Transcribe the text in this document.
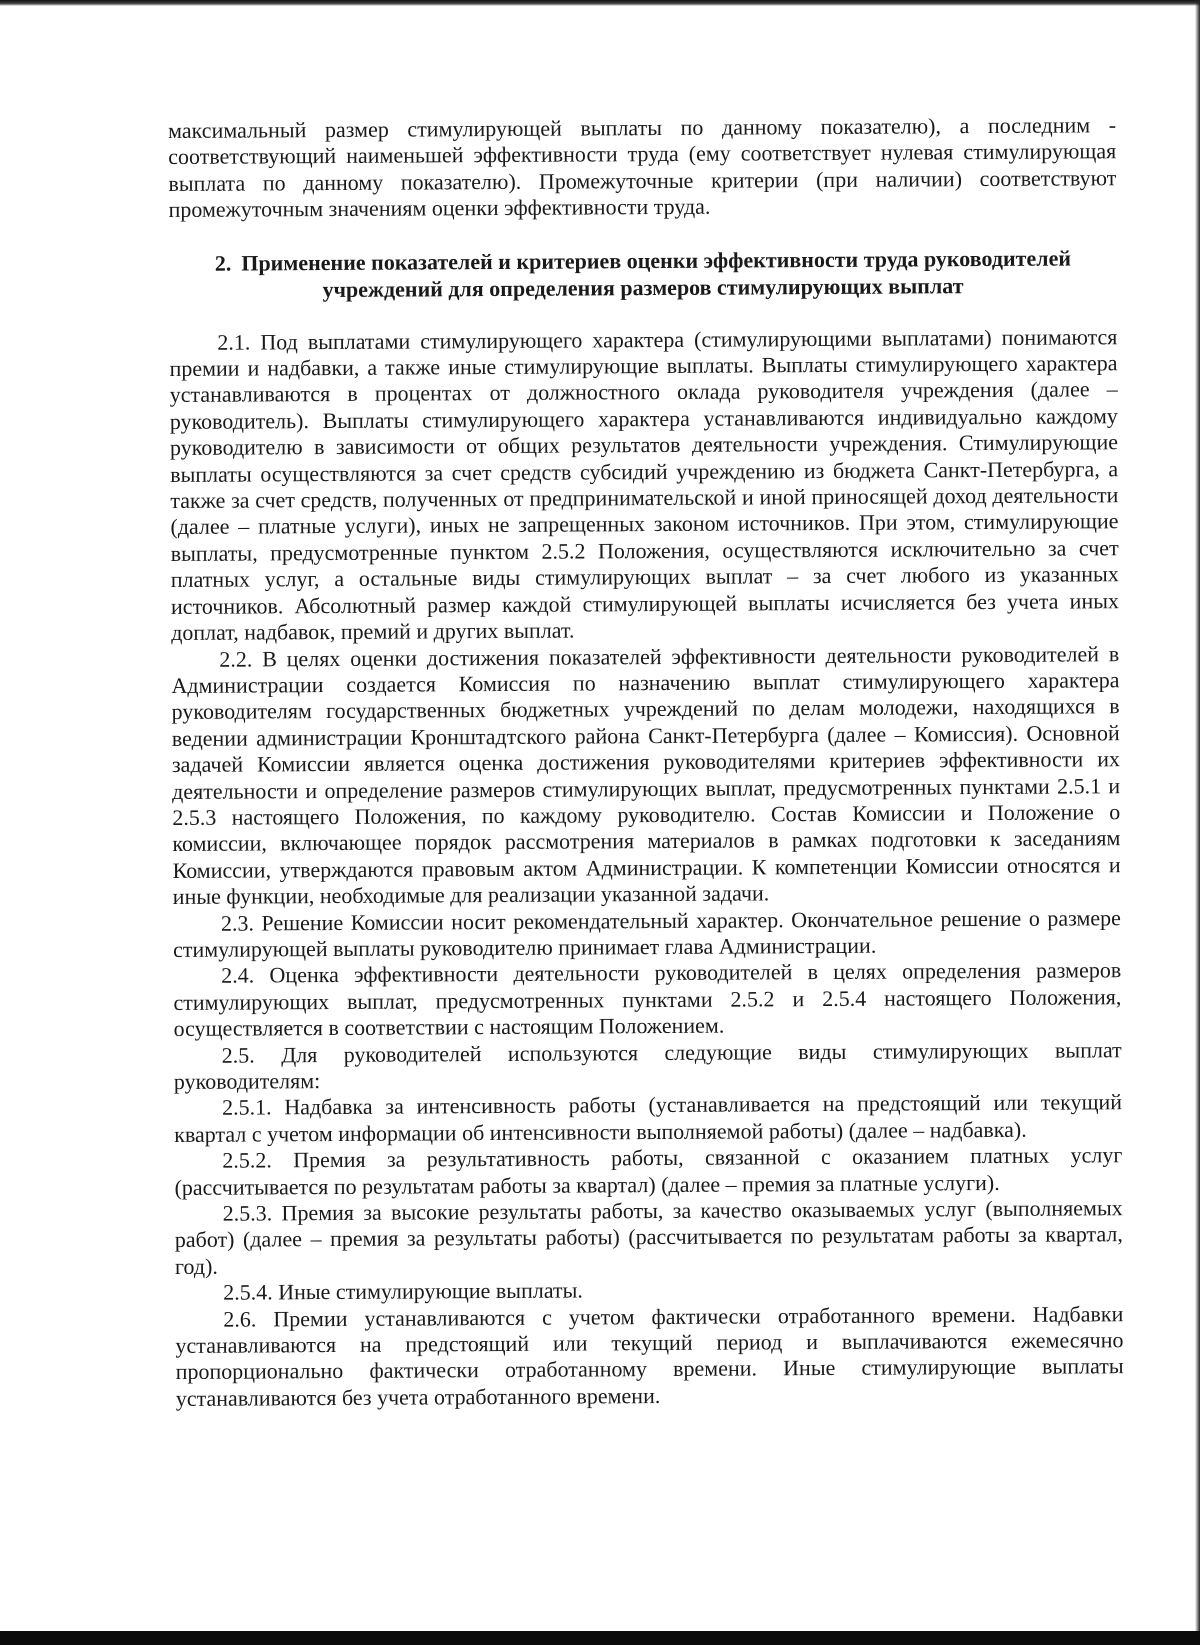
максимальный размер стимулирующей выплаты по данному показателю), а последним - соответствующий наименьшей эффективности труда (ему соответствует нулевая стимулирующая выплата по данному показателю). Промежуточные критерии (при наличии) соответствуют промежуточным значениям оценки эффективности труда.

2. Применение показателей и критериев оценки эффективности труда руководителей учреждений для определения размеров стимулирующих выплат

2.1. Под выплатами стимулирующего характера (стимулирующими выплатами) понимаются премии и надбавки, а также иные стимулирующие выплаты. Выплаты стимулирующего характера устанавливаются в процентах от должностного оклада руководителя учреждения (далее – руководитель). Выплаты стимулирующего характера устанавливаются индивидуально каждому руководителю в зависимости от общих результатов деятельности учреждения. Стимулирующие выплаты осуществляются за счет средств субсидий учреждению из бюджета Санкт-Петербурга, а также за счет средств, полученных от предпринимательской и иной приносящей доход деятельности (далее – платные услуги), иных не запрещенных законом источников. При этом, стимулирующие выплаты, предусмотренные пунктом 2.5.2 Положения, осуществляются исключительно за счет платных услуг, а остальные виды стимулирующих выплат – за счет любого из указанных источников. Абсолютный размер каждой стимулирующей выплаты исчисляется без учета иных доплат, надбавок, премий и других выплат.

2.2. В целях оценки достижения показателей эффективности деятельности руководителей в Администрации создается Комиссия по назначению выплат стимулирующего характера руководителям государственных бюджетных учреждений по делам молодежи, находящихся в ведении администрации Кронштадтского района Санкт-Петербурга (далее – Комиссия). Основной задачей Комиссии является оценка достижения руководителями критериев эффективности их деятельности и определение размеров стимулирующих выплат, предусмотренных пунктами 2.5.1 и 2.5.3 настоящего Положения, по каждому руководителю. Состав Комиссии и Положение о комиссии, включающее порядок рассмотрения материалов в рамках подготовки к заседаниям Комиссии, утверждаются правовым актом Администрации. К компетенции Комиссии относятся и иные функции, необходимые для реализации указанной задачи.

2.3. Решение Комиссии носит рекомендательный характер. Окончательное решение о размере стимулирующей выплаты руководителю принимает глава Администрации.

2.4. Оценка эффективности деятельности руководителей в целях определения размеров стимулирующих выплат, предусмотренных пунктами 2.5.2 и 2.5.4 настоящего Положения, осуществляется в соответствии с настоящим Положением.

2.5. Для руководителей используются следующие виды стимулирующих выплат руководителям:

2.5.1. Надбавка за интенсивность работы (устанавливается на предстоящий или текущий квартал с учетом информации об интенсивности выполняемой работы) (далее – надбавка).

2.5.2. Премия за результативность работы, связанной с оказанием платных услуг (рассчитывается по результатам работы за квартал) (далее – премия за платные услуги).

2.5.3. Премия за высокие результаты работы, за качество оказываемых услуг (выполняемых работ) (далее – премия за результаты работы) (рассчитывается по результатам работы за квартал, год).

2.5.4. Иные стимулирующие выплаты.

2.6. Премии устанавливаются с учетом фактически отработанного времени. Надбавки устанавливаются на предстоящий или текущий период и выплачиваются ежемесячно пропорционально фактически отработанному времени. Иные стимулирующие выплаты устанавливаются без учета отработанного времени.
